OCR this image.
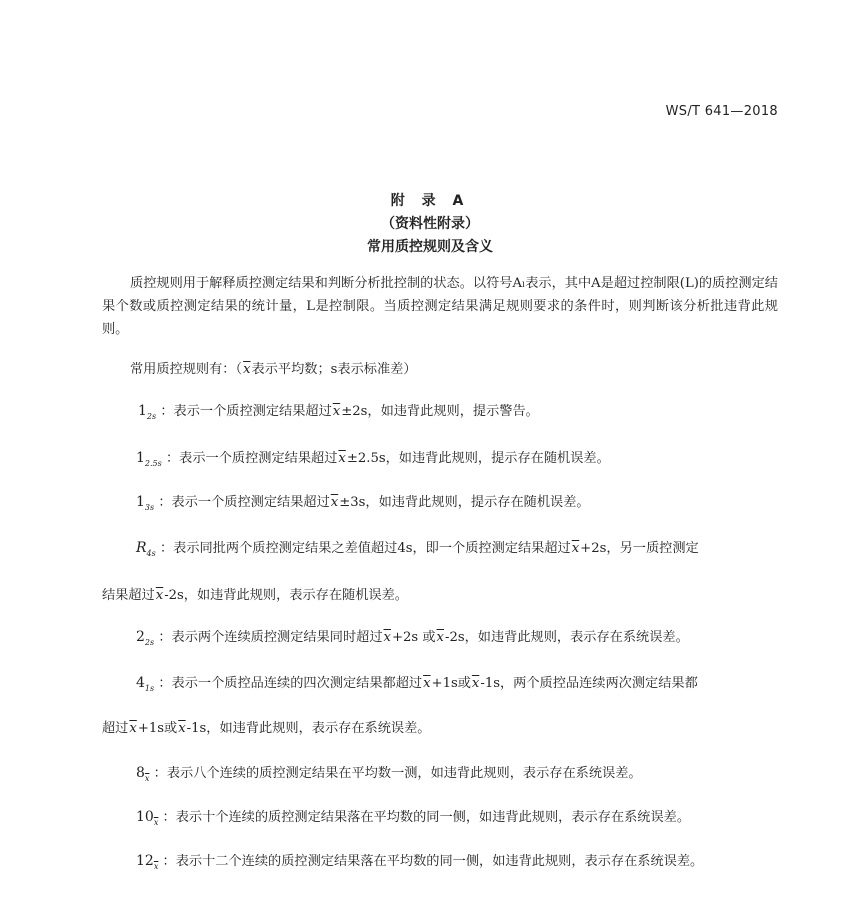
WS/T 641—2018
附 录 A
（资料性附录）
常用质控规则及含义
质控规则用于解释质控测定结果和判断分析批控制的状态。以符号Aₗ表示，其中A是超过控制限(L)的质控测定结果个数或质控测定结果的统计量，L是控制限。当质控测定结果满足规则要求的条件时，则判断该分析批违背此规则。
常用质控规则有：（$\overline{x}$表示平均数；s表示标准差）
$1_{2s}$ ：表示一个质控测定结果超过$\overline{x}\pm 2s$，如违背此规则，提示警告。
$1_{2.5s}$ ：表示一个质控测定结果超过$\overline{x}\pm 2.5s$，如违背此规则，提示存在随机误差。
$1_{3s}$ ：表示一个质控测定结果超过$\overline{x}\pm 3s$，如违背此规则，提示存在随机误差。
$R_{4s}$ ：表示同批两个质控测定结果之差值超过4s，即一个质控测定结果超过$\overline{x}+2s$，另一质控测定
结果超过$\overline{x}-2s$，如违背此规则，表示存在随机误差。
$2_{2s}$ ：表示两个连续质控测定结果同时超过$\overline{x}+2s$ 或$\overline{x}-2s$，如违背此规则，表示存在系统误差。
$4_{1s}$ ：表示一个质控品连续的四次测定结果都超过$\overline{x}+1s$或$\overline{x}-1s$，两个质控品连续两次测定结果都
超过$\overline{x}+1s$或$\overline{x}-1s$，如违背此规则，表示存在系统误差。
$8_{\overline{x}}$ ：表示八个连续的质控测定结果在平均数一测，如违背此规则，表示存在系统误差。
$10_{\overline{x}}$ ：表示十个连续的质控测定结果落在平均数的同一侧，如违背此规则，表示存在系统误差。
$12_{\overline{x}}$ ：表示十二个连续的质控测定结果落在平均数的同一侧，如违背此规则，表示存在系统误差。
